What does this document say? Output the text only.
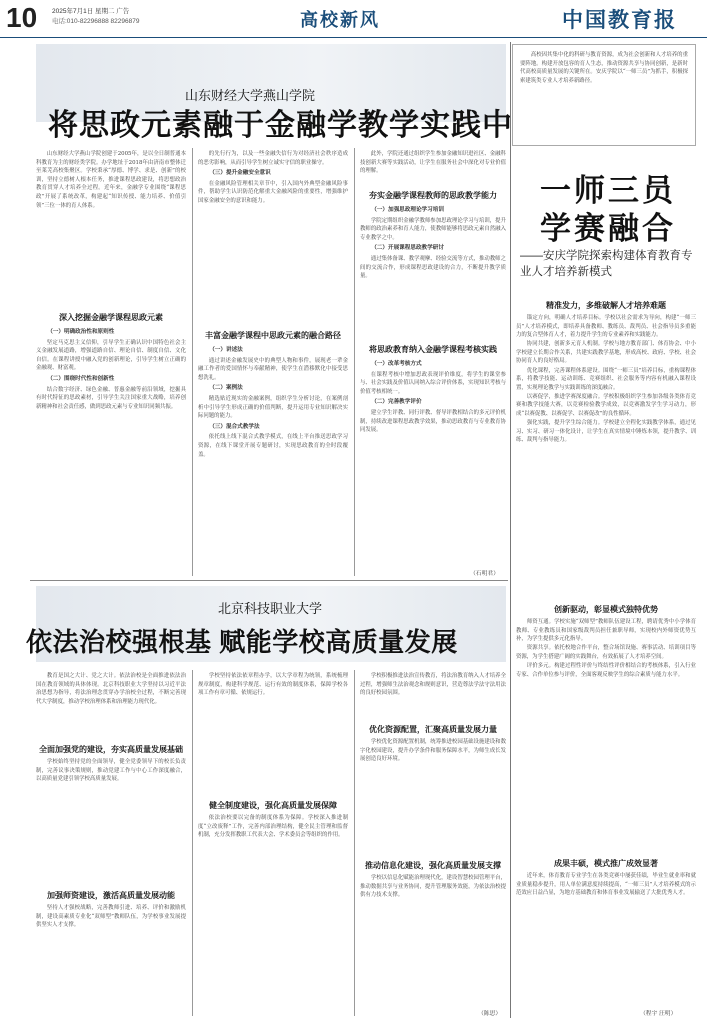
10 2025年7月1日 星期二 广告
电话:010-82296888 82296879	高校新风	中国教育报
山东财经大学燕山学院
将思政元素融于金融学教学实践中

山东财经大学燕山学院创建于2005年，是以全日制普通本科教育为主的财经类学院。办学地址于2018年由济南市整体迁至莱芜高校集聚区。学校秉承“厚德、博学、求是、创新”的校训，坚持立德树人根本任务，推进课程思政建设，将思想政治教育贯穿人才培养全过程。近年来，金融学专业围绕“课程思政”开展了系统改革，构建起“知识传授、能力培养、价值引领”三位一体的育人体系。

深入挖掘金融学课程思政元素
（一）明确政治性和原则性

坚定马克思主义信仰，引导学生正确认识中国特色社会主义金融发展道路，增强道路自信、理论自信、制度自信、文化自信。在课程讲授中融入党的创新理论，引导学生树立正确的金融观、财富观。

（二）围绕时代性和创新性

结合数字经济、绿色金融、普惠金融等前沿领域，挖掘具有时代特征的思政素材，引导学生关注国家重大战略，培养创新精神和社会责任感，做到思政元素与专业知识同频共振。

的先行行为，以及一些金融失信行为对经济社会秩序造成的恶劣影响，从而引导学生树立诚实守信的职业操守。

（三）提升金融安全意识

在金融风险管理相关章节中，引入国内外典型金融风险事件，帮助学生认识防范化解重大金融风险的重要性，增强维护国家金融安全的意识和能力。

丰富金融学课程中思政元素的融合路径
（一）讲述法

通过讲述金融发展史中的典型人物和事件，展现老一辈金融工作者的爱国情怀与奉献精神，使学生在潜移默化中接受思想洗礼。

（二）案例法

精选贴近现实的金融案例，组织学生分析讨论，在案例剖析中引导学生形成正确的价值判断，提升运用专业知识解决实际问题的能力。

（三）混合式教学法

依托线上线下混合式教学模式，在线上平台推送思政学习资源，在线下课堂开展专题研讨，实现思政教育的全时段覆盖。

此外，学院还通过组织学生参加金融知识进社区、金融科技创新大赛等实践活动，让学生在服务社会中深化对专业价值的理解。

夯实金融学课程教师的思政教学能力
（一）加强思政理论学习培训

学院定期组织金融学教师参加思政理论学习与培训，提升教师的政治素养和育人能力，使教师能够将思政元素自然融入专业教学之中。

（二）开展课程思政教学研讨

通过集体备课、教学观摩、经验交流等方式，推动教师之间的交流合作，形成课程思政建设的合力，不断提升教学质量。

将思政教育纳入金融学课程考核实践
（一）改革考核方式

在课程考核中增加思政表现评价维度，将学生的课堂参与、社会实践及价值认同纳入综合评价体系，实现知识考核与价值考核相统一。

（二）完善教学评价

建立学生评教、同行评教、督导评教相结合的多元评价机制，持续改进课程思政教学效果，推动思政教育与专业教育协同发展。

（石明君）
北京科技职业大学
依法治校强根基 赋能学校高质量发展

教育是国之大计、党之大计。依法治校是全面推进依法治国在教育领域的具体体现。北京科技职业大学坚持以习近平法治思想为指导，将法治理念贯穿办学治校全过程，不断完善现代大学制度，推动学校治理体系和治理能力现代化。

全面加强党的建设，夯实高质量发展基础

学校始终坚持党的全面领导，健全党委领导下的校长负责制，完善议事决策规则，推动党建工作与中心工作深度融合，以高质量党建引领学校高质量发展。

加强师资建设，激活高质量发展动能

坚持人才强校战略，完善教师引进、培养、评价和激励机制，建设高素质专业化“双师型”教师队伍，为学校事业发展提供坚实人才支撑。

学校坚持依法依章程办学，以大学章程为统领，系统梳理规章制度，构建科学规范、运行有效的制度体系，保障学校各项工作有章可循、依规运行。

健全制度建设，强化高质量发展保障

依法治校要以完备的制度体系为保障。学校深入推进制度“立改废释”工作，完善内部治理结构，健全民主管理和监督机制，充分发挥教职工代表大会、学术委员会等组织的作用。

学校积极推进法治宣传教育，将法治教育纳入人才培养全过程，增强师生法治观念和规则意识，营造尊法学法守法用法的良好校园氛围。

优化资源配置，汇聚高质量发展力量

学校优化资源配置机制，统筹推进校园基础设施建设和数字化校园建设，提升办学条件和服务保障水平，为师生成长发展创造良好环境。

推动信息化建设，强化高质量发展支撑

学校以信息化赋能治理现代化，建设智慧校园管理平台，推动数据共享与业务协同，提升管理服务效能，为依法治校提供有力技术支撑。

（陈思）

高校因其集中化的科研与教育资源，成为社会创新和人才培养的重要阵地。构建开放包容的育人生态，推动资源共享与协同创新，是新时代高校高质量发展的关键所在。安庆学院以“一师三员”为抓手，积极探索建筑类专业人才培养新路径。

一师三员
学赛融合
——安庆学院探索构建体育教育专业人才培养新模式
精准发力，多维破解人才培养难题

锚定方向，明确人才培养目标。学校以社会需求为导向，构建“一师三员”人才培养模式，即培养具备教师、教练员、裁判员、社会指导员多重能力的复合型体育人才，着力提升学生的专业素养和实践能力。

协同共建，创新多元育人机制。学校与地方教育部门、体育协会、中小学校建立长期合作关系，共建实践教学基地，形成高校、政府、学校、社会协同育人的良好格局。

优化课程，完善课程体系建设。围绕“一师三员”培养目标，重构课程体系，将教学技能、运动训练、竞赛组织、社会服务等内容有机融入课程设置，实现理论教学与实践训练的深度融合。

以赛促学，推进学赛深度融合。学校积极组织学生参加各级各类体育竞赛和教学技能大赛，以竞赛检验教学成效，以竞赛激发学生学习动力，形成“以赛促教、以赛促学、以赛促改”的良性循环。

强化实践，提升学生综合能力。学校建立全程化实践教学体系，通过见习、实习、研习一体化设计，让学生在真实情境中锤炼本领，提升教学、训练、裁判与指导能力。

创新驱动，彰显模式独特优势

师资互通。学校实施“双师型”教师队伍建设工程，聘请优秀中小学体育教师、专业教练员和国家级裁判员担任兼职导师，实现校内外师资优势互补，为学生提供多元化指导。

资源共享。依托校地合作平台，整合场馆设施、赛事活动、培训项目等资源，为学生搭建广阔的实践舞台，有效拓展了人才培养空间。

评价多元。构建过程性评价与终结性评价相结合的考核体系，引入行业专家、合作单位参与评价，全面客观反映学生的综合素质与能力水平。

成果丰硕，模式推广成效显著

近年来，体育教育专业学生在各类竞赛中屡获佳绩，毕业生就业率和就业质量稳步提升，用人单位满意度持续提高，“一师三员”人才培养模式的示范效应日益凸显，为地方基础教育和体育事业发展输送了大批优秀人才。

（程宇 汪明）
